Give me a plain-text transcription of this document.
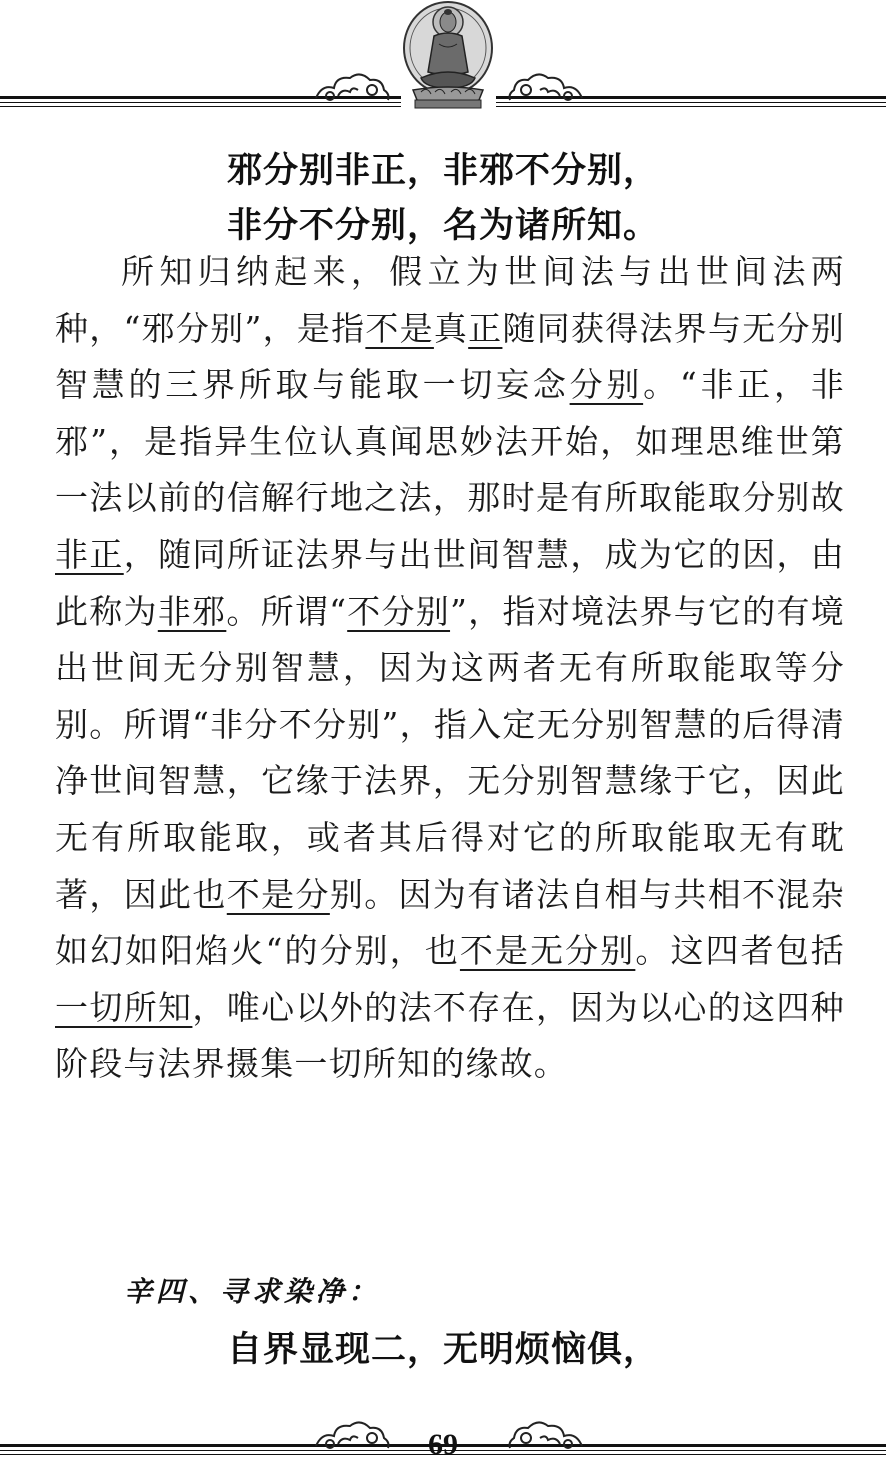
邪分别非正，非邪不分别，
非分不分别，名为诸所知。

所知归纳起来，假立为世间法与出世间法两种，“邪分别”，是指不是真正随同获得法界与无分别智慧的三界所取与能取一切妄念分别。“非正，非邪”，是指异生位认真闻思妙法开始，如理思维世第一法以前的信解行地之法，那时是有所取能取分别故非正，随同所证法界与出世间智慧，成为它的因，由此称为非邪。所谓“不分别”，指对境法界与它的有境出世间无分别智慧，因为这两者无有所取能取等分别。所谓“非分不分别”，指入定无分别智慧的后得清净世间智慧，它缘于法界，无分别智慧缘于它，因此无有所取能取，或者其后得对它的所取能取无有耽著，因此也不是分别。因为有诸法自相与共相不混杂如幻如阳焰火“的分别，也不是无分别。这四者包括一切所知，唯心以外的法不存在，因为以心的这四种阶段与法界摄集一切所知的缘故。

辛四、寻求染净：
自界显现二，无明烦恼俱，
69
